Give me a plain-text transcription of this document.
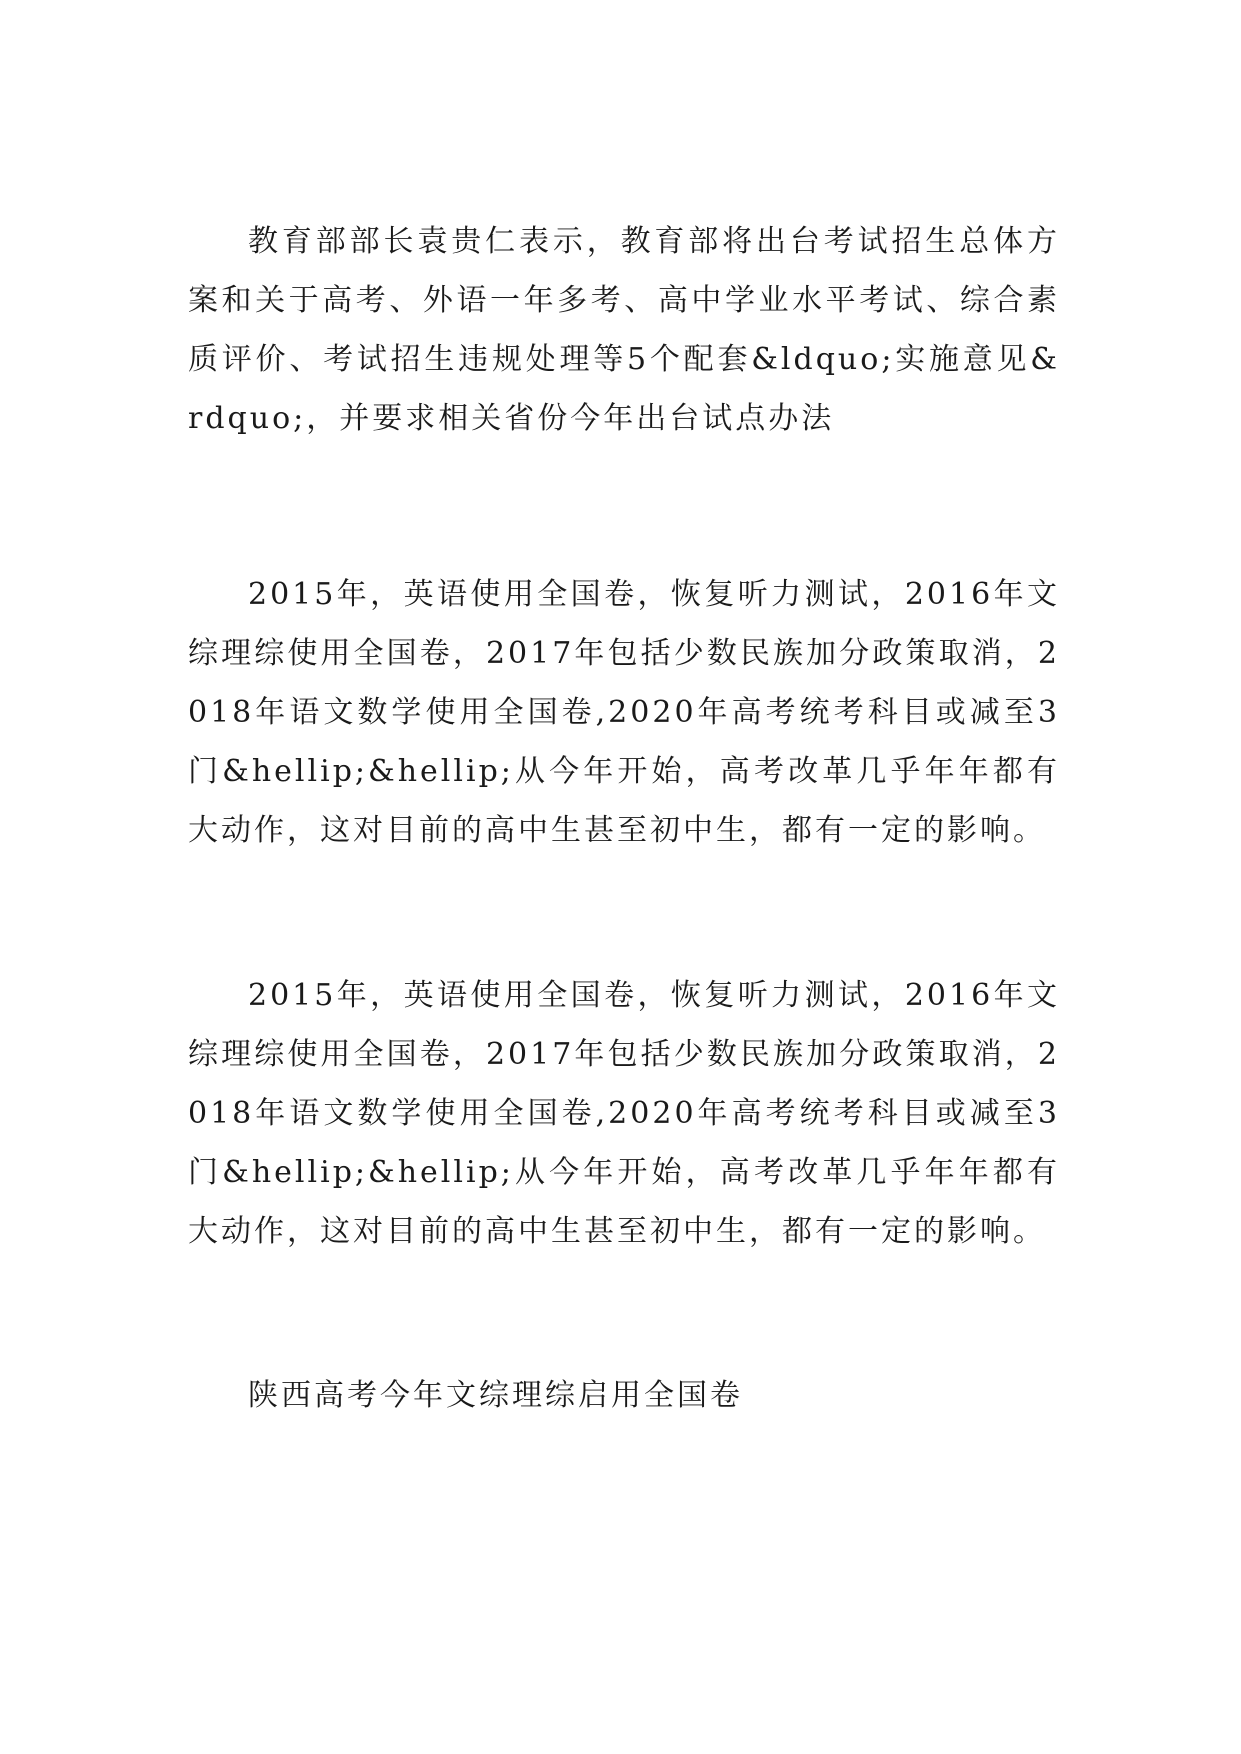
教育部部长袁贵仁表示，教育部将出台考试招生总体方案和关于高考、外语一年多考、高中学业水平考试、综合素质评价、考试招生违规处理等5个配套&ldquo;实施意见&rdquo;，并要求相关省份今年出台试点办法

2015年，英语使用全国卷，恢复听力测试，2016年文综理综使用全国卷，2017年包括少数民族加分政策取消，2018年语文数学使用全国卷,2020年高考统考科目或减至3门&hellip;&hellip;从今年开始，高考改革几乎年年都有大动作，这对目前的高中生甚至初中生，都有一定的影响。

2015年，英语使用全国卷，恢复听力测试，2016年文综理综使用全国卷，2017年包括少数民族加分政策取消，2018年语文数学使用全国卷,2020年高考统考科目或减至3门&hellip;&hellip;从今年开始，高考改革几乎年年都有大动作，这对目前的高中生甚至初中生，都有一定的影响。

陕西高考今年文综理综启用全国卷
